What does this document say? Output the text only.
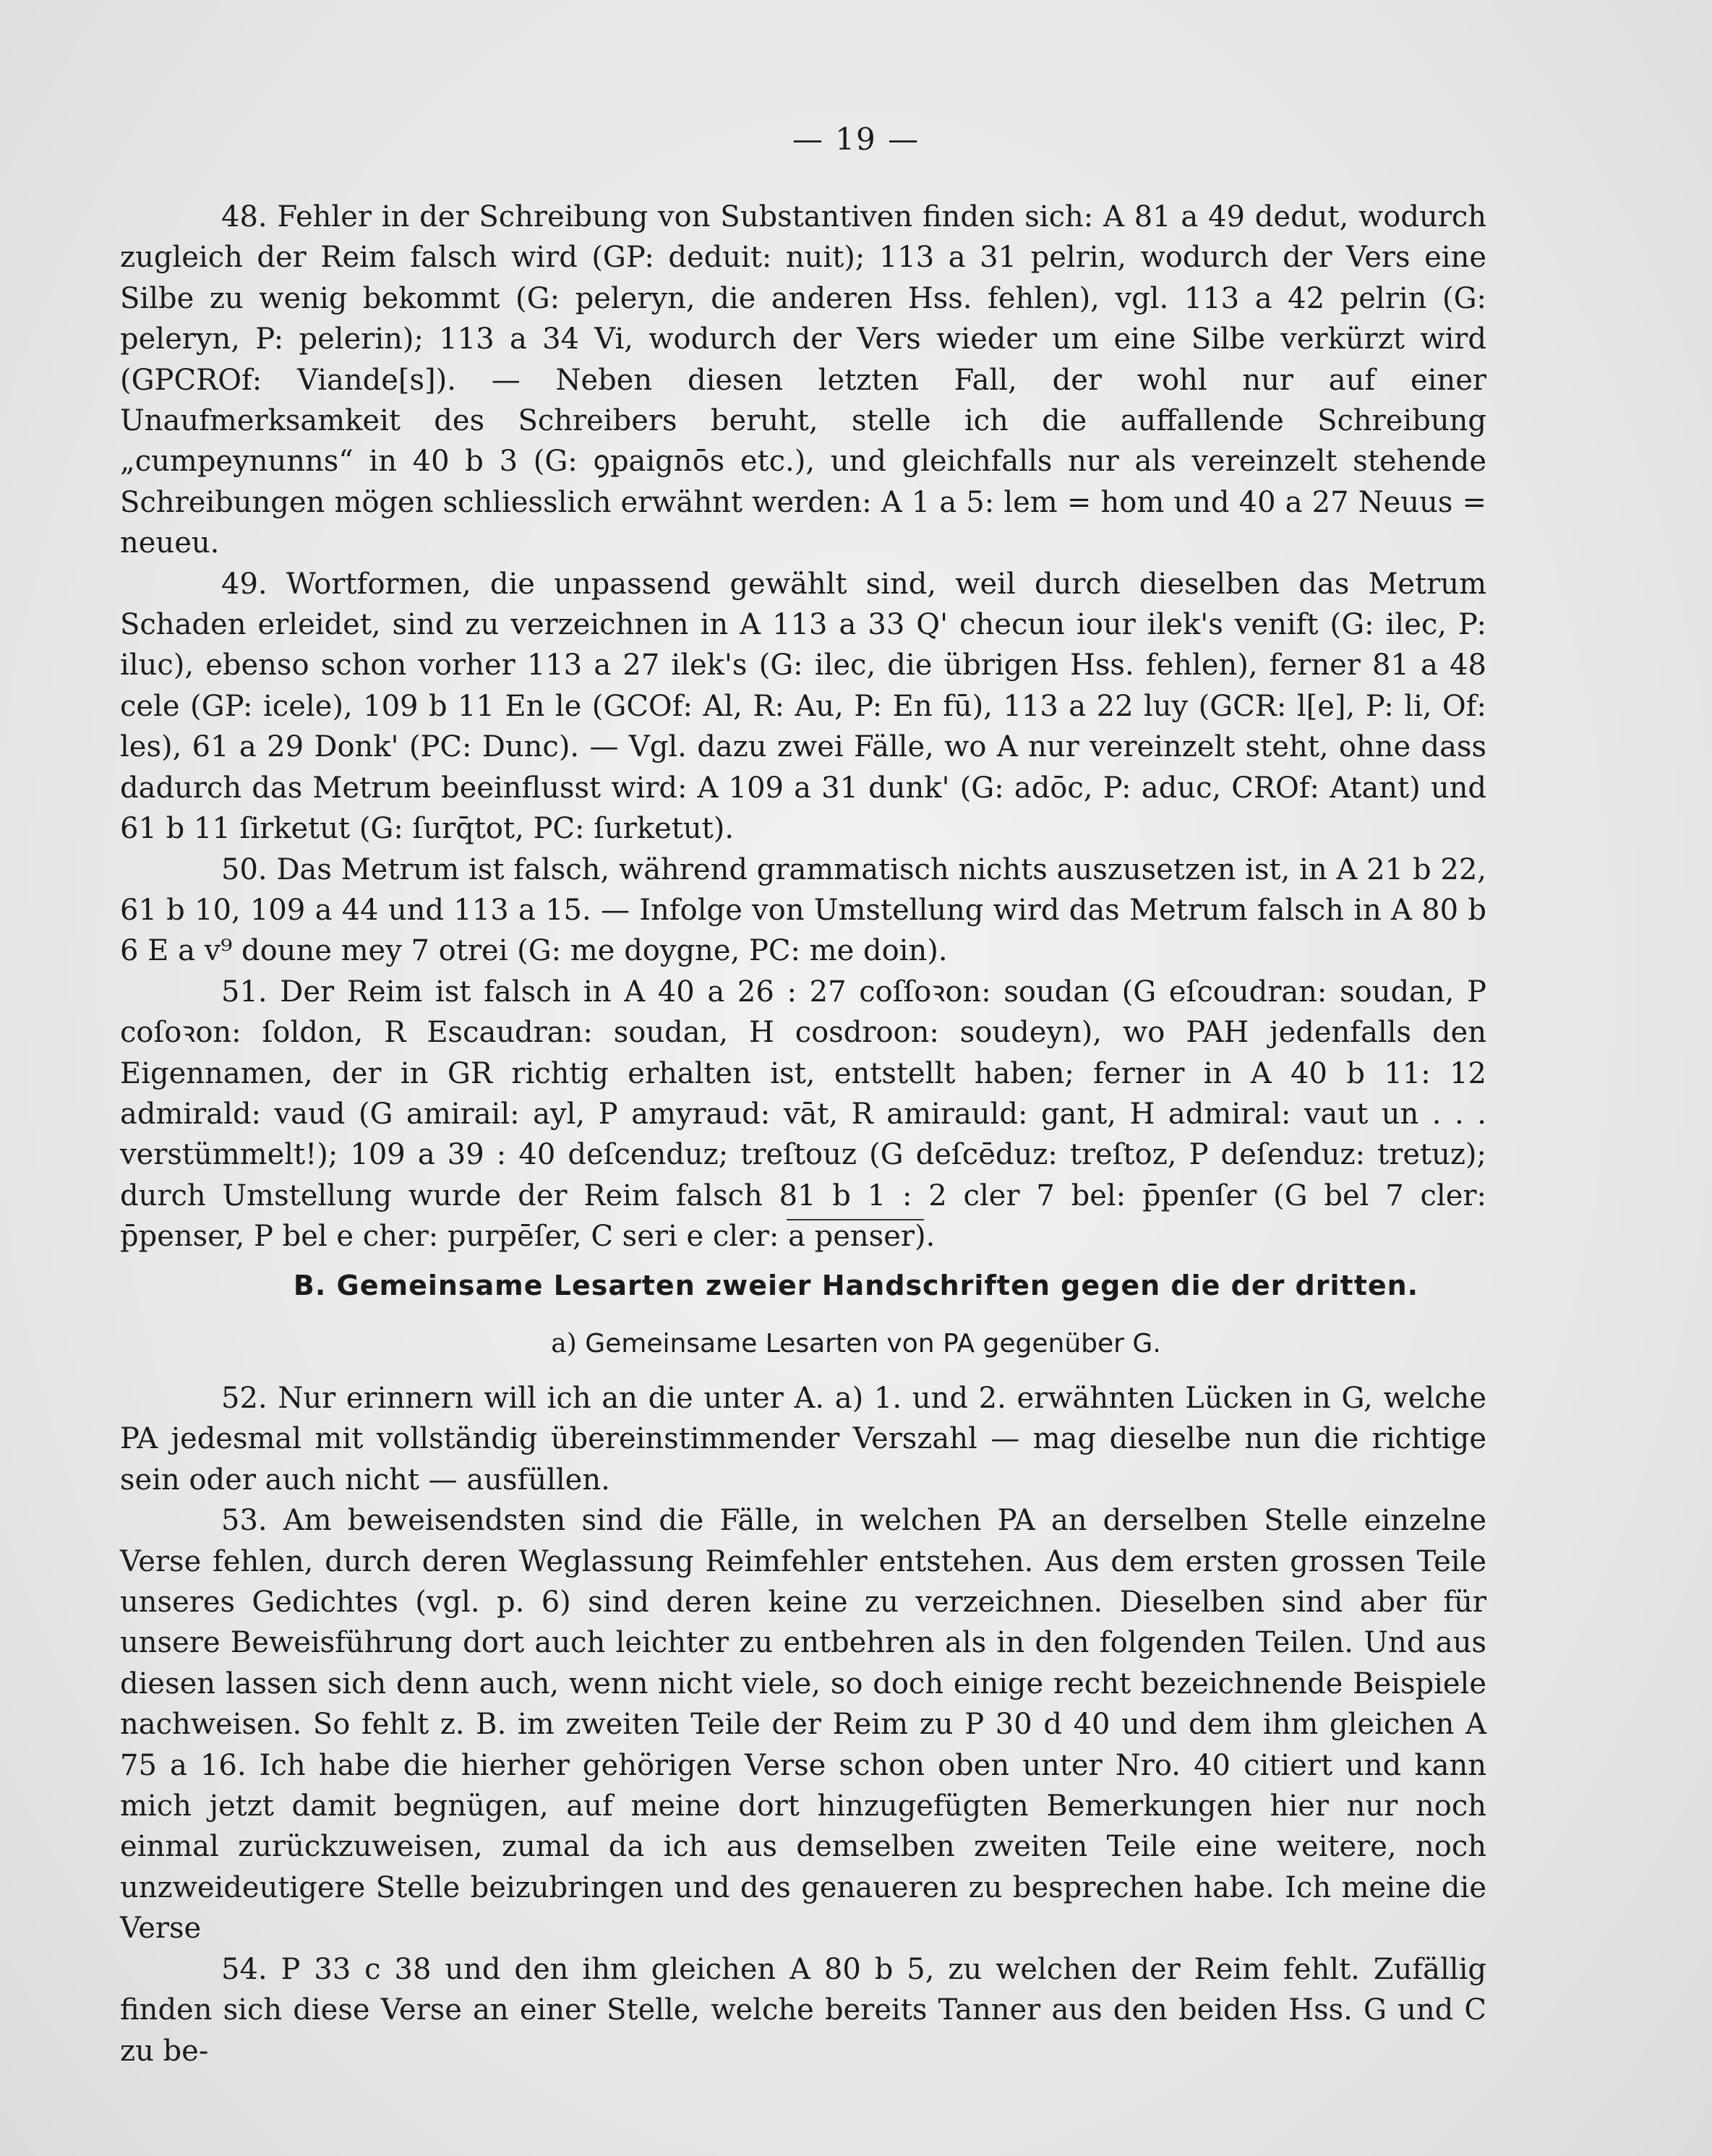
— 19 —

48. Fehler in der Schreibung von Substantiven finden sich: A 81 a 49 dedut, wodurch zugleich der Reim falsch wird (GP: deduit: nuit); 113 a 31 pelrin, wodurch der Vers eine Silbe zu wenig bekommt (G: peleryn, die anderen Hss. fehlen), vgl. 113 a 42 pelrin (G: peleryn, P: pelerin); 113 a 34 Vi, wodurch der Vers wieder um eine Silbe verkürzt wird (GPCROf: Viande[s]). — Neben diesen letzten Fall, der wohl nur auf einer Unaufmerksamkeit des Schreibers beruht, stelle ich die auffallende Schreibung „cumpeynunns“ in 40 b 3 (G: ꝯpaignōs etc.), und gleichfalls nur als vereinzelt stehende Schreibungen mögen schliesslich erwähnt werden: A 1 a 5: lem = hom und 40 a 27 Neuus = neueu.

49. Wortformen, die unpassend gewählt sind, weil durch dieselben das Metrum Schaden erleidet, sind zu verzeichnen in A 113 a 33 Q' checun iour ilek's venift (G: ilec, P: iluc), ebenso schon vorher 113 a 27 ilek's (G: ilec, die übrigen Hss. fehlen), ferner 81 a 48 cele (GP: icele), 109 b 11 En le (GCOf: Al, R: Au, P: En fū), 113 a 22 luy (GCR: l[e], P: li, Of: les), 61 a 29 Donk' (PC: Dunc). — Vgl. dazu zwei Fälle, wo A nur vereinzelt steht, ohne dass dadurch das Metrum beeinflusst wird: A 109 a 31 dunk' (G: adōc, P: aduc, CROf: Atant) und 61 b 11 ſirketut (G: ſurq̄tot, PC: ſurketut).

50. Das Metrum ist falsch, während grammatisch nichts auszusetzen ist, in A 21 b 22, 61 b 10, 109 a 44 und 113 a 15. — Infolge von Umstellung wird das Metrum falsch in A 80 b 6 E a v⁹ doune mey 7 otrei (G: me doygne, PC: me doin).

51. Der Reim ist falsch in A 40 a 26 : 27 coſſoꝛon: soudan (G eſcoudran: soudan, P coſoꝛon: ſoldon, R Escaudran: soudan, H cosdroon: soudeyn), wo PAH jedenfalls den Eigennamen, der in GR richtig erhalten ist, entstellt haben; ferner in A 40 b 11: 12 admirald: vaud (G amirail: ayl, P amyraud: vāt, R amirauld: gant, H admiral: vaut un . . . verstümmelt!); 109 a 39 : 40 deſcenduz; treſtouz (G deſcēduz: treſtoz, P deſenduz: tretuz); durch Umstellung wurde der Reim falsch 81 b 1 : 2 cler 7 bel: p̄penſer (G bel 7 cler: p̄penser, P bel e cher: purpēſer, C seri e cler: a penser).

B. Gemeinsame Lesarten zweier Handschriften gegen die der dritten.
a) Gemeinsame Lesarten von PA gegenüber G.

52. Nur erinnern will ich an die unter A. a) 1. und 2. erwähnten Lücken in G, welche PA jedesmal mit vollständig übereinstimmender Verszahl — mag dieselbe nun die richtige sein oder auch nicht — ausfüllen.

53. Am beweisendsten sind die Fälle, in welchen PA an derselben Stelle einzelne Verse fehlen, durch deren Weglassung Reimfehler entstehen. Aus dem ersten grossen Teile unseres Gedichtes (vgl. p. 6) sind deren keine zu verzeichnen. Dieselben sind aber für unsere Beweisführung dort auch leichter zu entbehren als in den folgenden Teilen. Und aus diesen lassen sich denn auch, wenn nicht viele, so doch einige recht bezeichnende Beispiele nachweisen. So fehlt z. B. im zweiten Teile der Reim zu P 30 d 40 und dem ihm gleichen A 75 a 16. Ich habe die hierher gehörigen Verse schon oben unter Nro. 40 citiert und kann mich jetzt damit begnügen, auf meine dort hinzugefügten Bemerkungen hier nur noch einmal zurückzuweisen, zumal da ich aus demselben zweiten Teile eine weitere, noch unzweideutigere Stelle beizubringen und des genaueren zu besprechen habe. Ich meine die Verse

54. P 33 c 38 und den ihm gleichen A 80 b 5, zu welchen der Reim fehlt. Zufällig finden sich diese Verse an einer Stelle, welche bereits Tanner aus den beiden Hss. G und C zu be-
